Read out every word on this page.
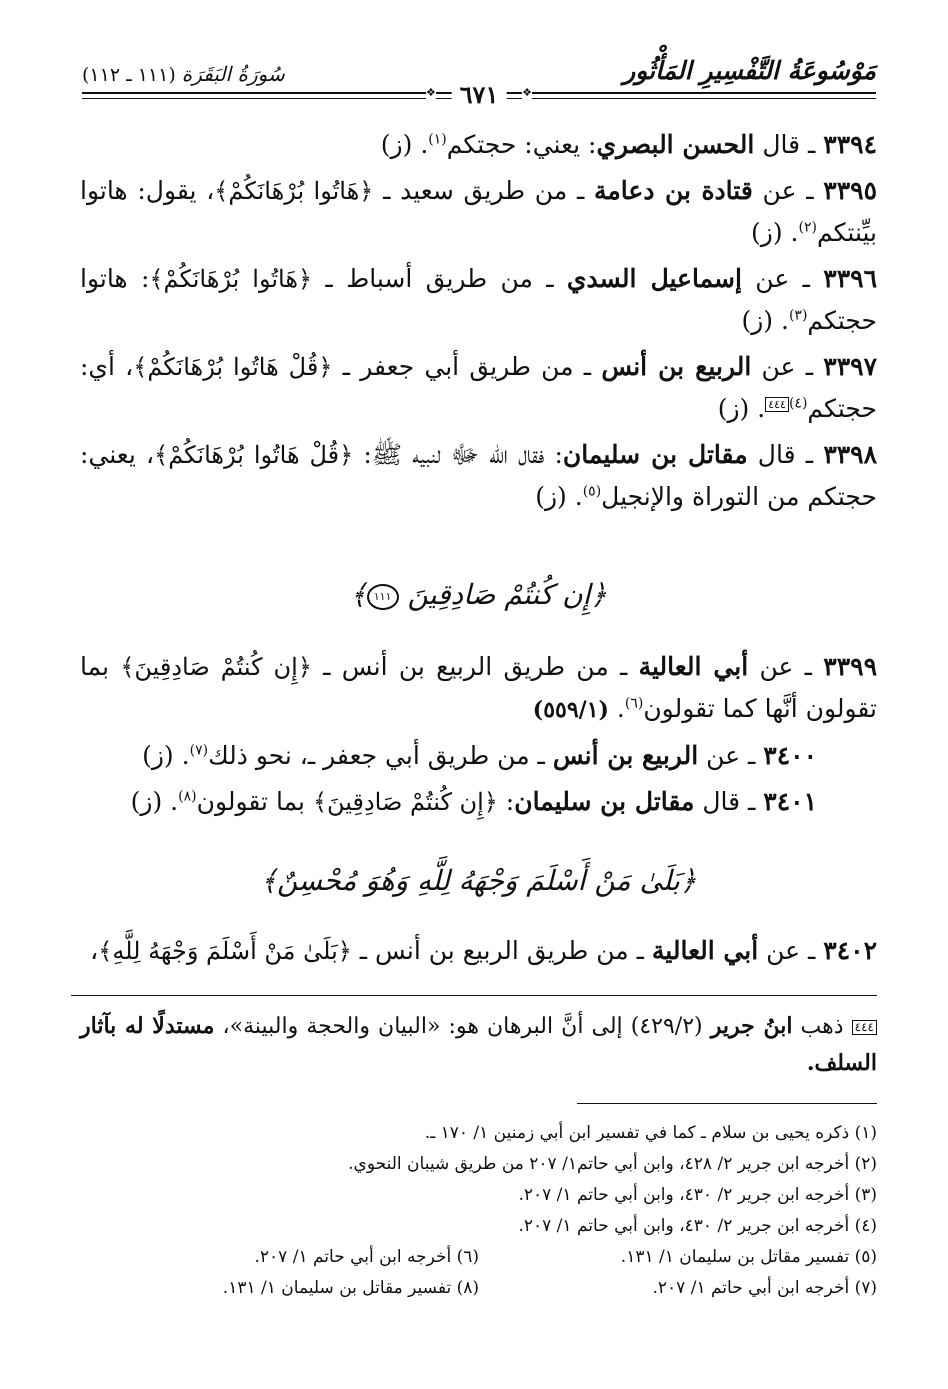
مَوْسُوعَةُ التَّفْسِيرِ المَأْثُور
سُورَةُ البَقَرَة (١١١ ـ ١١٢)
❖
٦٧١
❖

٣٣٩٤ ـ قال الحسن البصري: يعني: حجتكم$^{(١)}$. (ز)

٣٣٩٥ ـ عن قتادة بن دعامة ـ من طريق سعيد ـ ﴿هَاتُوا بُرْهَانَكُمْ﴾، يقول: هاتوا بيِّنتكم$^{(٢)}$. (ز)

٣٣٩٦ ـ عن إسماعيل السدي ـ من طريق أسباط ـ ﴿هَاتُوا بُرْهَانَكُمْ﴾: هاتوا حجتكم$^{(٣)}$. (ز)

٣٣٩٧ ـ عن الربيع بن أنس ـ من طريق أبي جعفر ـ ﴿قُلْ هَاتُوا بُرْهَانَكُمْ﴾، أي: حجتكم$^{(٤)}$٤٤٤. (ز)

٣٣٩٨ ـ قال مقاتل بن سليمان: فقال الله ﷻ لنبيه ﷺ: ﴿قُلْ هَاتُوا بُرْهَانَكُمْ﴾، يعني: حجتكم من التوراة والإنجيل$^{(٥)}$. (ز)

﴿إِن كُنتُمْ صَادِقِينَ ١١١﴾

٣٣٩٩ ـ عن أبي العالية ـ من طريق الربيع بن أنس ـ ﴿إِن كُنتُمْ صَادِقِينَ﴾ بما تقولون أنَّها كما تقولون$^{(٦)}$. (٥٥٩/١)

٣٤٠٠ ـ عن الربيع بن أنس ـ من طريق أبي جعفر ـ، نحو ذلك$^{(٧)}$. (ز)

٣٤٠١ ـ قال مقاتل بن سليمان: ﴿إِن كُنتُمْ صَادِقِينَ﴾ بما تقولون$^{(٨)}$. (ز)

﴿بَلَىٰ مَنْ أَسْلَمَ وَجْهَهُ لِلَّهِ وَهُوَ مُحْسِنٌ﴾

٣٤٠٢ ـ عن أبي العالية ـ من طريق الربيع بن أنس ـ ﴿بَلَىٰ مَنْ أَسْلَمَ وَجْهَهُ لِلَّهِ﴾،

٤٤٤ ذهب ابنُ جرير (٤٢٩/٢) إلى أنَّ البرهان هو: «البيان والحجة والبينة»، مستدلًا له بآثار السلف.
(١) ذكره يحيى بن سلام ـ كما في تفسير ابن أبي زمنين ١/ ١٧٠ ـ.
(٢) أخرجه ابن جرير ٢/ ٤٢٨، وابن أبي حاتم١/ ٢٠٧ من طريق شيبان النحوي.
(٣) أخرجه ابن جرير ٢/ ٤٣٠، وابن أبي حاتم ١/ ٢٠٧.
(٤) أخرجه ابن جرير ٢/ ٤٣٠، وابن أبي حاتم ١/ ٢٠٧.
(٥) تفسير مقاتل بن سليمان ١/ ١٣١.
(٦) أخرجه ابن أبي حاتم ١/ ٢٠٧.
(٧) أخرجه ابن أبي حاتم ١/ ٢٠٧.
(٨) تفسير مقاتل بن سليمان ١/ ١٣١.
